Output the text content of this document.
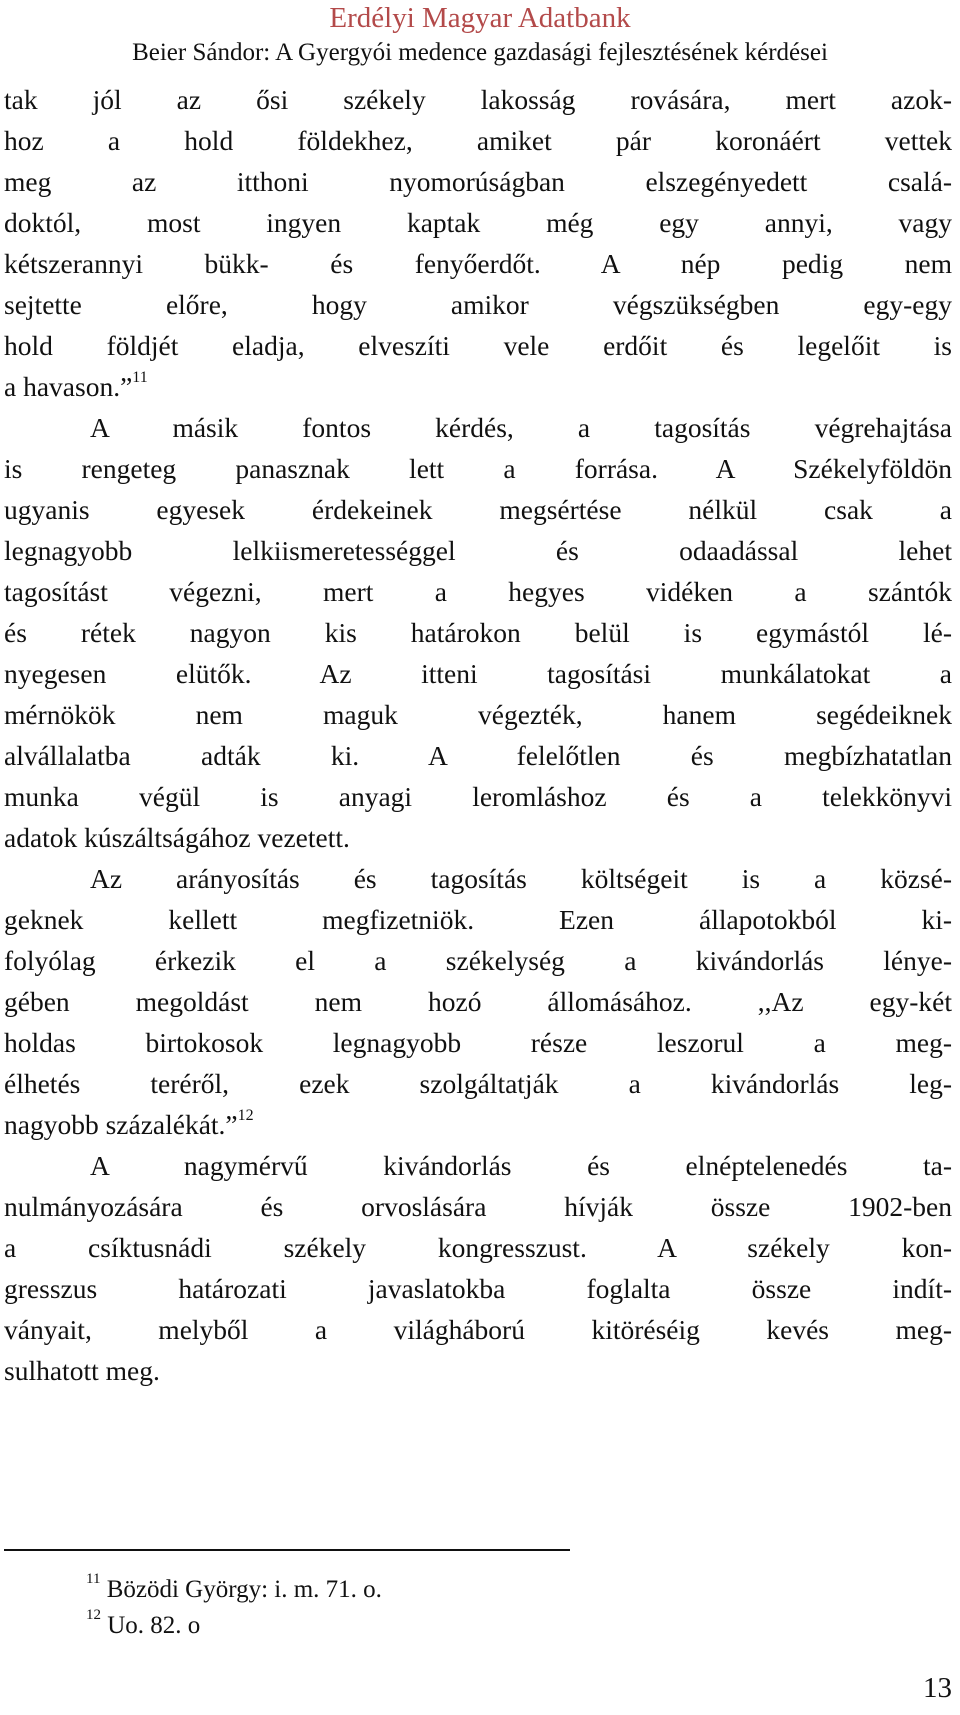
Erdélyi Magyar Adatbank
Beier Sándor: A Gyergyói medence gazdasági fejlesztésének kérdései
tak jól az ősi székely lakosság rovására, mert azok-
hoz a hold földekhez, amiket pár koronáért vettek
meg az itthoni nyomorúságban elszegényedett csalá-
doktól, most ingyen kaptak még egy annyi, vagy
kétszerannyi bükk- és fenyőerdőt. A nép pedig nem
sejtette előre, hogy amikor végszükségben egy-egy
hold földjét eladja, elveszíti vele erdőit és legelőit is
a havason.”$^{11}$
A másik fontos kérdés, a tagosítás végrehajtása
is rengeteg panasznak lett a forrása. A Székelyföldön
ugyanis egyesek érdekeinek megsértése nélkül csak a
legnagyobb lelkiismeretességgel és odaadással lehet
tagosítást végezni, mert a hegyes vidéken a szántók
és rétek nagyon kis határokon belül is egymástól lé-
nyegesen elütők. Az itteni tagosítási munkálatokat a
mérnökök nem maguk végezték, hanem segédeiknek
alvállalatba adták ki. A felelőtlen és megbízhatatlan
munka végül is anyagi leromláshoz és a telekkönyvi
adatok kúszáltságához vezetett.
Az arányosítás és tagosítás költségeit is a közsé-
geknek kellett megfizetniök. Ezen állapotokból ki-
folyólag érkezik el a székelység a kivándorlás lénye-
gében megoldást nem hozó állomásához. ,,Az egy-két
holdas birtokosok legnagyobb része leszorul a meg-
élhetés teréről, ezek szolgáltatják a kivándorlás leg-
nagyobb százalékát.”$^{12}$
A nagymérvű kivándorlás és elnéptelenedés ta-
nulmányozására és orvoslására hívják össze 1902-ben
a csíktusnádi székely kongresszust. A székely kon-
gresszus határozati javaslatokba foglalta össze indít-
ványait, melyből a világháború kitöréséig kevés meg-
sulhatott meg.
$^{11}$ Bözödi György: i. m. 71. o.
$^{12}$ Uo. 82. o
13
